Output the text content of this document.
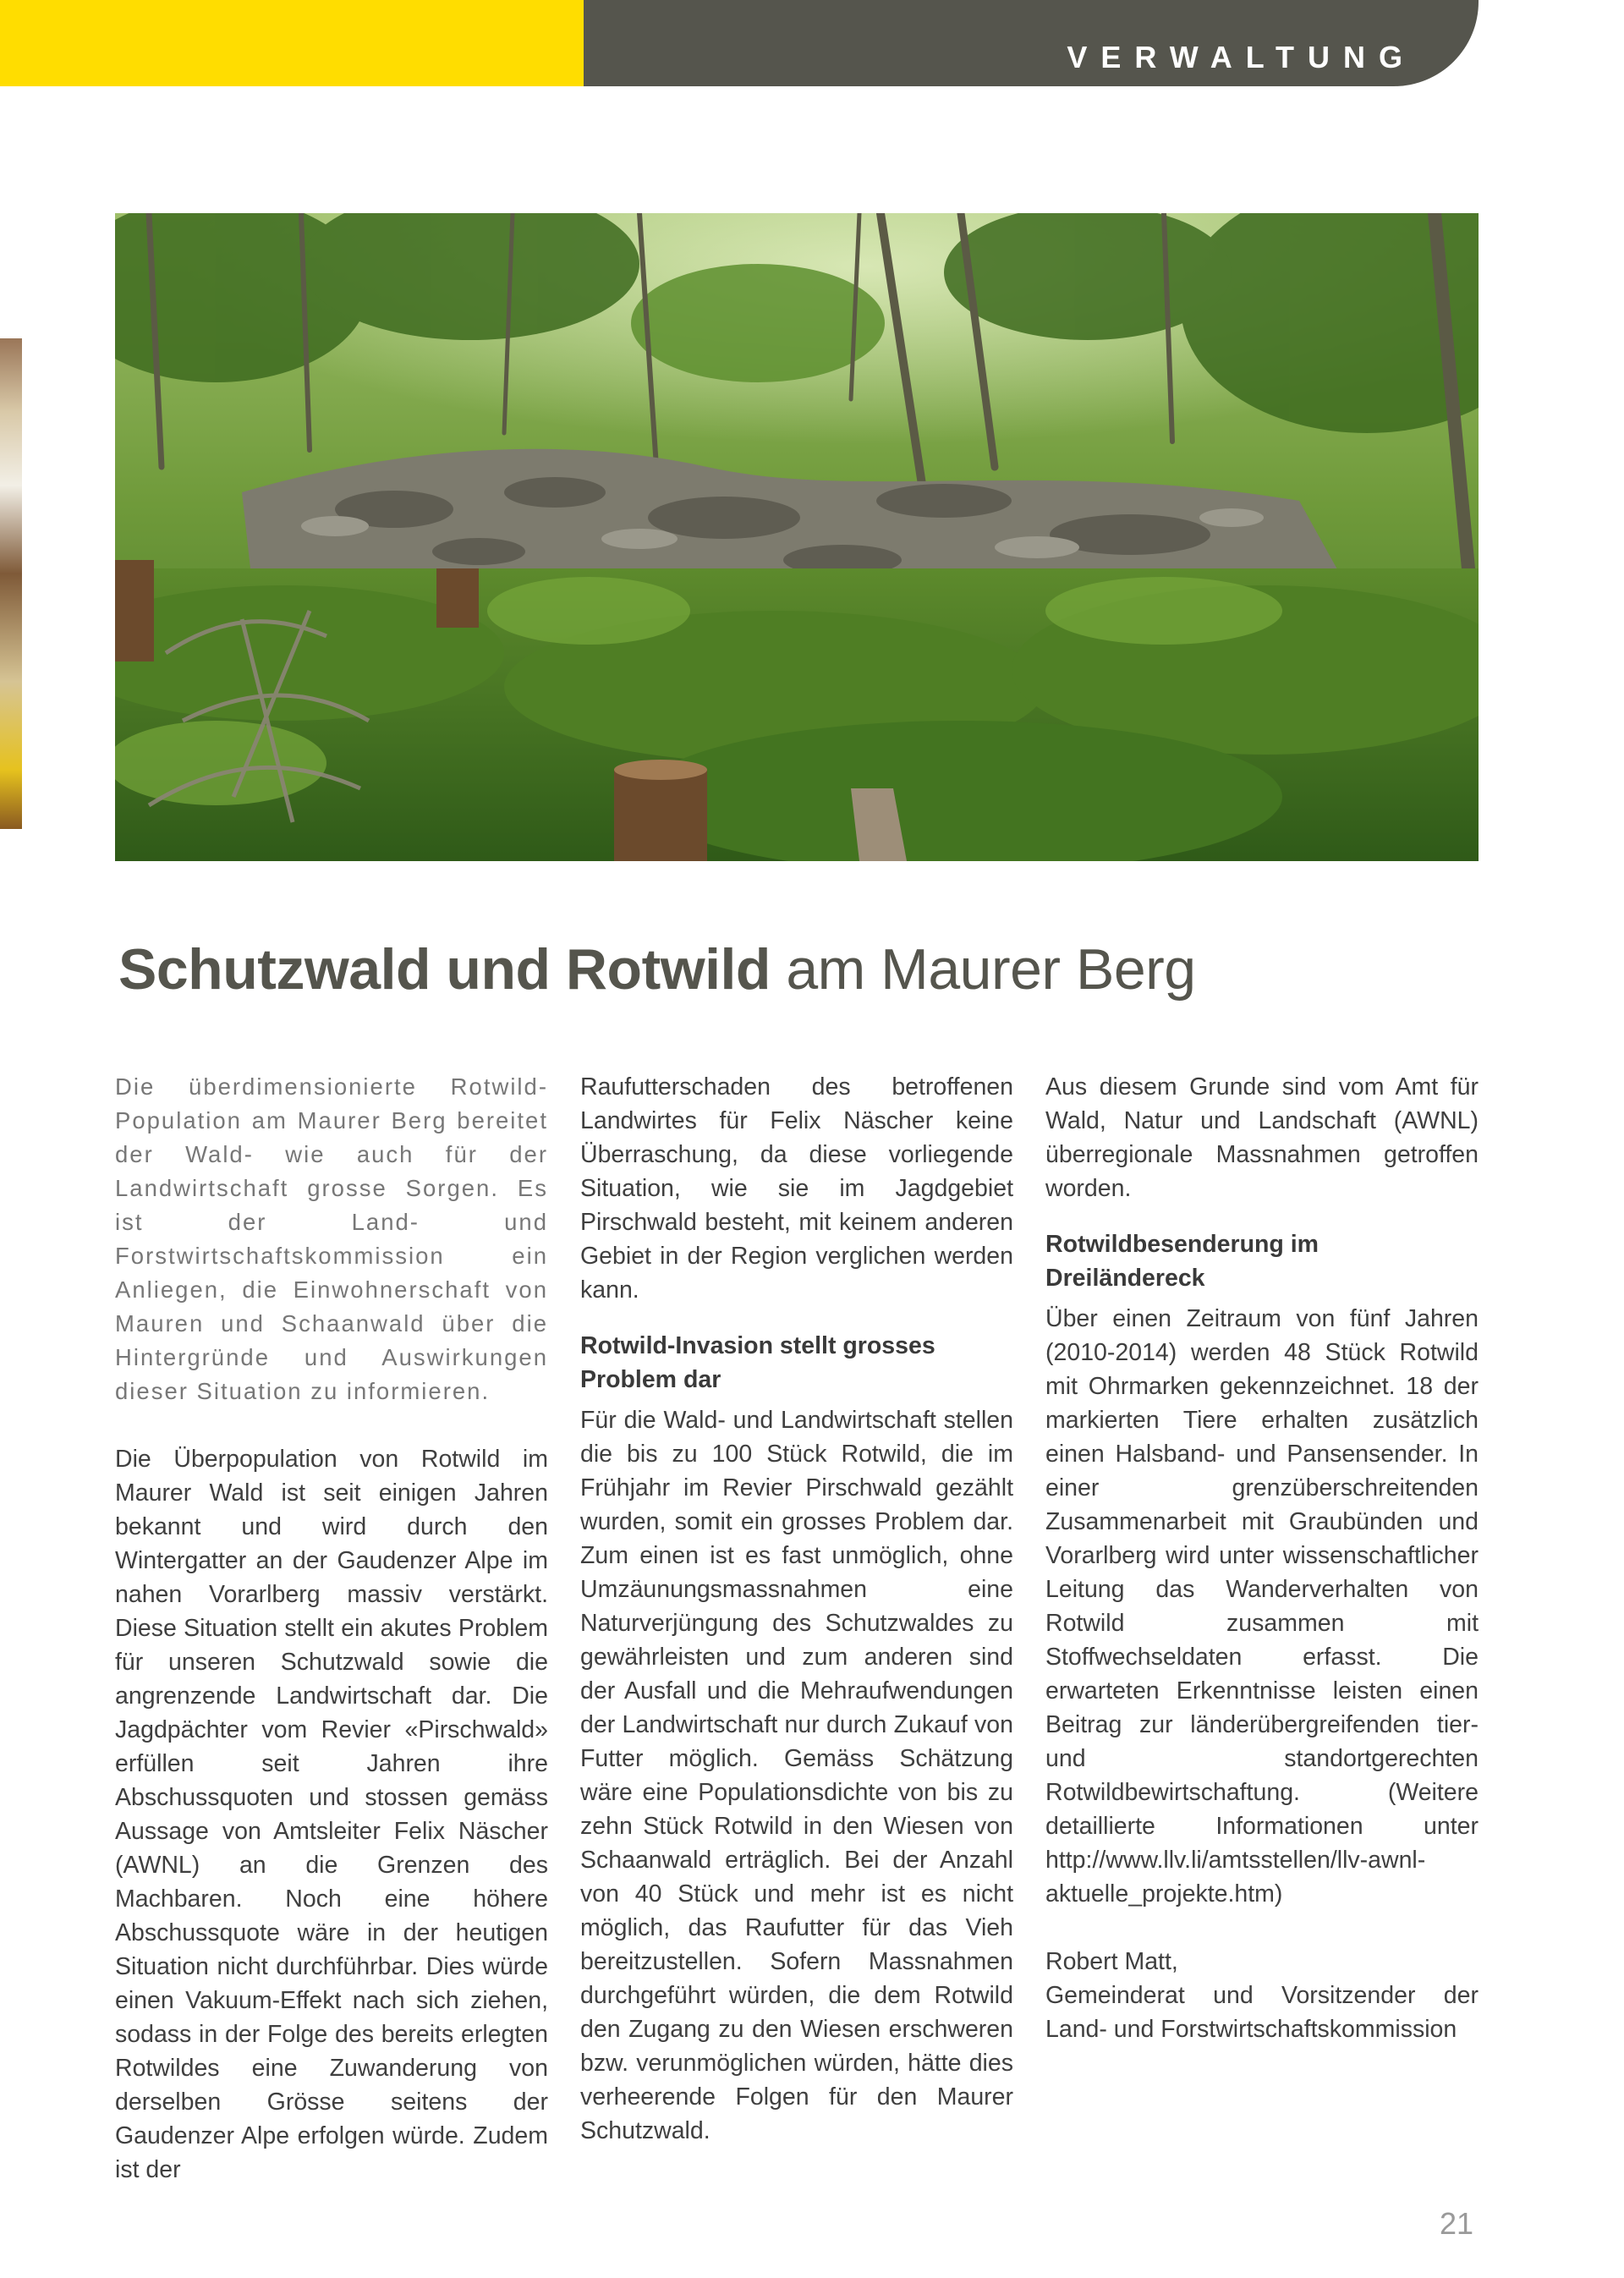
VERWALTUNG
Schutzwald und Rotwild am Maurer Berg

Die überdimensionierte Rotwild-Population am Maurer Berg bereitet der Wald- wie auch für der Landwirtschaft grosse Sorgen. Es ist der Land- und Forstwirtschaftskommission ein Anliegen, die Einwohnerschaft von Mauren und Schaanwald über die Hintergründe und Auswirkungen dieser Situation zu informieren.

Die Überpopulation von Rotwild im Maurer Wald ist seit einigen Jahren bekannt und wird durch den Wintergatter an der Gaudenzer Alpe im nahen Vorarlberg massiv verstärkt. Diese Situation stellt ein akutes Problem für unseren Schutzwald sowie die angrenzende Landwirtschaft dar. Die Jagdpächter vom Revier «Pirschwald» erfüllen seit Jahren ihre Abschussquoten und stossen gemäss Aussage von Amtsleiter Felix Näscher (AWNL) an die Grenzen des Machbaren. Noch eine höhere Abschussquote wäre in der heutigen Situation nicht durchführbar. Dies würde einen Vakuum-Effekt nach sich ziehen, sodass in der Folge des bereits erlegten Rotwildes eine Zuwanderung von derselben Grösse seitens der Gaudenzer Alpe erfolgen würde. Zudem ist der

Raufutterschaden des betroffenen Landwirtes für Felix Näscher keine Überraschung, da diese vorliegende Situation, wie sie im Jagdgebiet Pirschwald besteht, mit keinem anderen Gebiet in der Region verglichen werden kann.

Rotwild-Invasion stellt grosses Problem dar

Für die Wald- und Landwirtschaft stellen die bis zu 100 Stück Rotwild, die im Frühjahr im Revier Pirschwald gezählt wurden, somit ein grosses Problem dar. Zum einen ist es fast unmöglich, ohne Umzäunungsmassnahmen eine Naturverjüngung des Schutzwaldes zu gewährleisten und zum anderen sind der Ausfall und die Mehraufwendungen der Landwirtschaft nur durch Zukauf von Futter möglich. Gemäss Schätzung wäre eine Populationsdichte von bis zu zehn Stück Rotwild in den Wiesen von Schaanwald erträglich. Bei der Anzahl von 40 Stück und mehr ist es nicht möglich, das Raufutter für das Vieh bereitzustellen. Sofern Massnahmen durchgeführt würden, die dem Rotwild den Zugang zu den Wiesen erschweren bzw. verunmöglichen würden, hätte dies verheerende Folgen für den Maurer Schutzwald.

Aus diesem Grunde sind vom Amt für Wald, Natur und Landschaft (AWNL) überregionale Massnahmen getroffen worden.

Rotwildbesenderung im Dreiländereck

Über einen Zeitraum von fünf Jahren (2010-2014) werden 48 Stück Rotwild mit Ohrmarken gekennzeichnet. 18 der markierten Tiere erhalten zusätzlich einen Halsband- und Pansensender. In einer grenzüberschreitenden Zusammenarbeit mit Graubünden und Vorarlberg wird unter wissenschaftlicher Leitung das Wanderverhalten von Rotwild zusammen mit Stoffwechseldaten erfasst. Die erwarteten Erkenntnisse leisten einen Beitrag zur länderübergreifenden tier- und standortgerechten Rotwildbewirtschaftung. (Weitere detaillierte Informationen unter http://www.llv.li/amtsstellen/llv-awnl-aktuelle_projekte.htm)

Robert Matt,

Gemeinderat und Vorsitzender der Land- und Forstwirtschaftskommission

21
